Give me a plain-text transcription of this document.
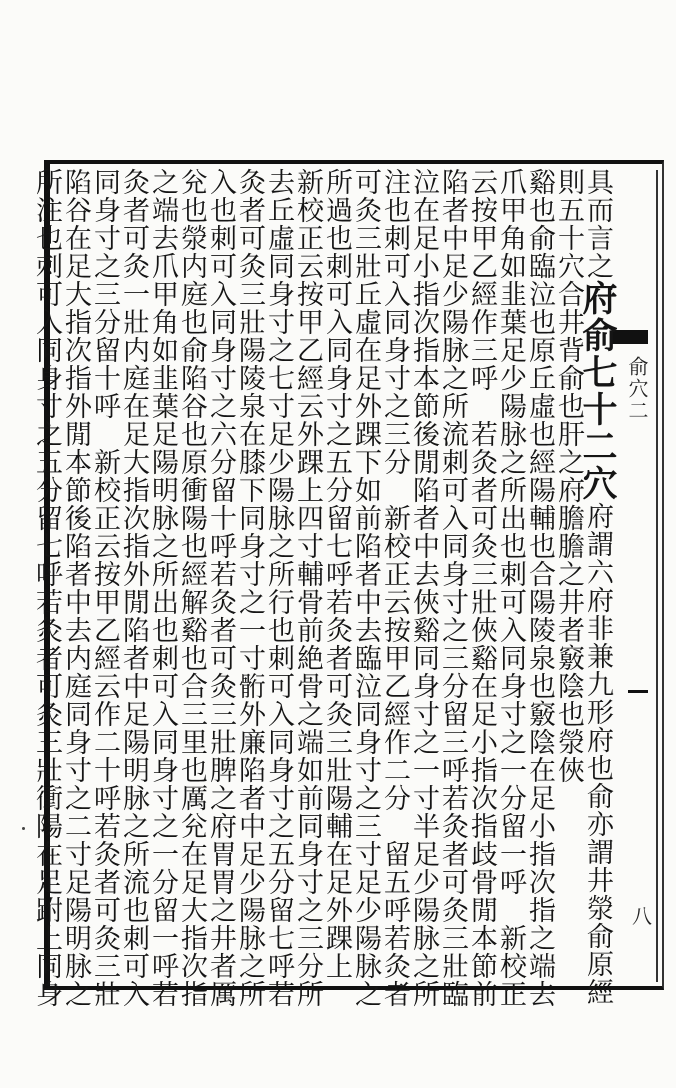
俞穴二
八
具而言之府俞七十二穴府謂六府非兼九形府也俞亦謂井滎俞原經
則五十穴合井背俞也肝之府膽膽之井者竅陰也滎俠
谿也俞臨泣也原丘虛也經陽輔也合陽陵泉也竅陰在足小指次指之端去
爪甲角如韭葉足少陽脉之所出也刺可入同身寸之一分留一呼　新校正
云按甲乙經作三呼　若灸者可灸三壯俠谿在足小指次指歧骨閒本節前
陷者中足少陽脉之所流刺可入同身寸之三分留三呼若灸者可灸三壯臨
泣在足小指次指本節後閒陷者中去俠谿同身寸之一寸半足少陽脉之所
注也刺可入同身寸之三分　新校正云按甲乙經作二分　留五呼若灸者
可灸三壯丘虛在足外踝下如前陷者中去臨泣同身寸之三寸足少陽脉之
所過也刺可入同身寸之五分留七呼若灸者可灸三壯陽輔在足外踝上
新校正云按甲乙經云外踝上四寸輔骨前絶骨之端如前同身寸之三分所
去丘虛同身寸之七寸足少陽脉之所行也刺可入同身寸之五分留七呼若
灸者可灸三壯陽陵泉在膝下同身寸之一寸䯒外廉陷者中足少陽脉之所
入也刺可入同身寸之六分留十呼若灸者可灸三壯脾之府胃胃之井者厲
兊也滎内庭也俞陷谷也原衝陽也經解谿也合三里也厲兊在足大指次指
之端去爪甲角如韭葉足陽明脉之所出也刺可入同身寸之一分留一呼若
灸者可灸一壯内庭在足大指次指外閒陷者中足陽明脉之所流也刺可入
同身寸之三分留十呼　新校正云按甲乙經云作二十呼若灸者可灸三壯
陷谷在足大指次指外閒本節後陷者中去内庭同身寸之二寸足陽明脉之
所注也刺可入同身寸之五分留七呼若灸者可灸三壯衝陽在足跗上同身
